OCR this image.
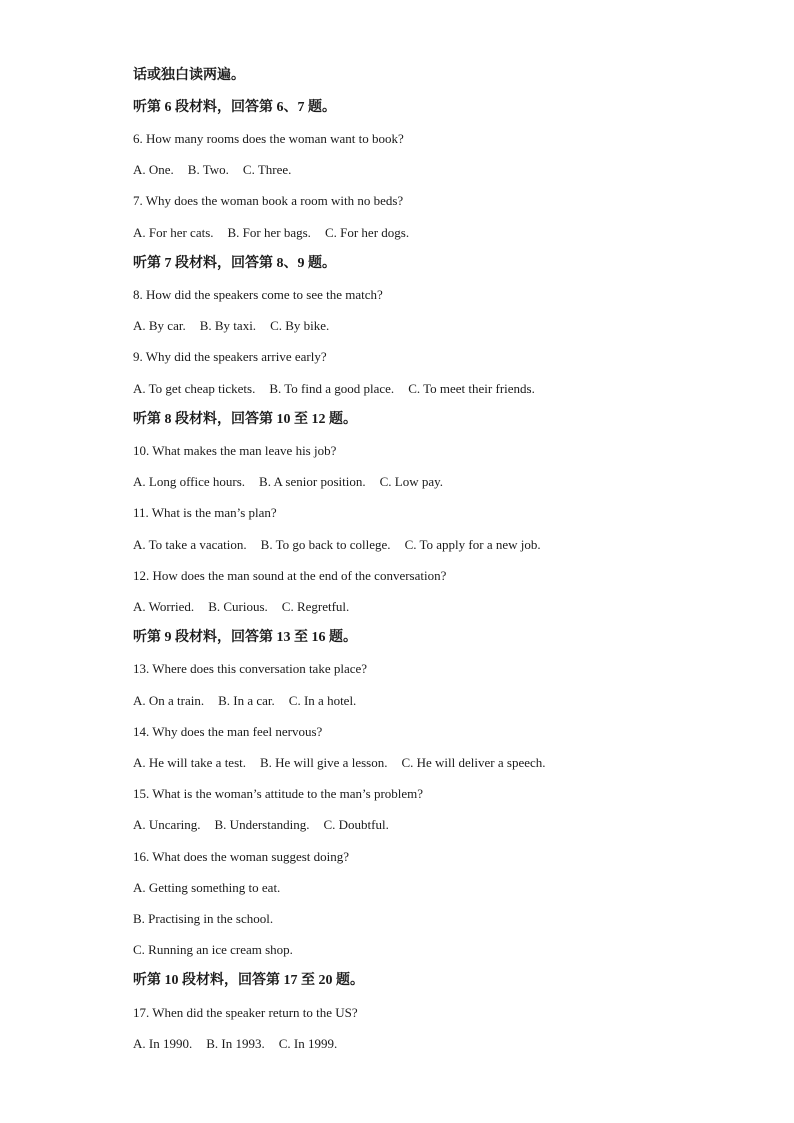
话或独白读两遍。
听第 6 段材料，回答第 6、7 题。
6. How many rooms does the woman want to book?
A. One. B. Two. C. Three.
7. Why does the woman book a room with no beds?
A. For her cats. B. For her bags. C. For her dogs.
听第 7 段材料，回答第 8、9 题。
8. How did the speakers come to see the match?
A. By car. B. By taxi. C. By bike.
9. Why did the speakers arrive early?
A. To get cheap tickets. B. To find a good place. C. To meet their friends.
听第 8 段材料，回答第 10 至 12 题。
10. What makes the man leave his job?
A. Long office hours. B. A senior position. C. Low pay.
11. What is the man’s plan?
A. To take a vacation. B. To go back to college. C. To apply for a new job.
12. How does the man sound at the end of the conversation?
A. Worried. B. Curious. C. Regretful.
听第 9 段材料，回答第 13 至 16 题。
13. Where does this conversation take place?
A. On a train. B. In a car. C. In a hotel.
14. Why does the man feel nervous?
A. He will take a test. B. He will give a lesson. C. He will deliver a speech.
15. What is the woman’s attitude to the man’s problem?
A. Uncaring. B. Understanding. C. Doubtful.
16. What does the woman suggest doing?
A. Getting something to eat.
B. Practising in the school.
C. Running an ice cream shop.
听第 10 段材料，回答第 17 至 20 题。
17. When did the speaker return to the US?
A. In 1990. B. In 1993. C. In 1999.
